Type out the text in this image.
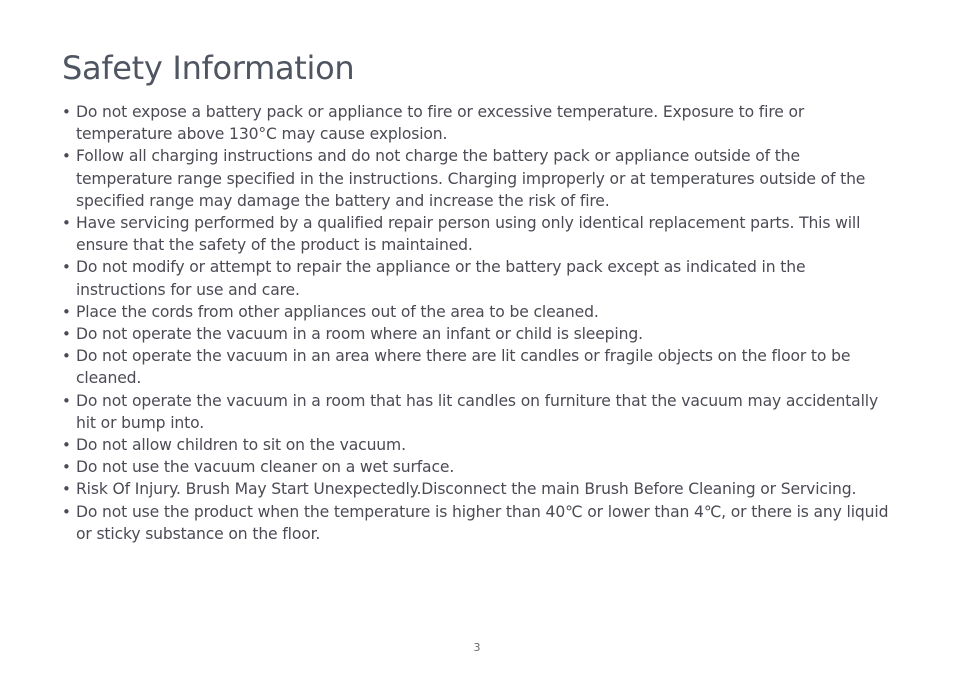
Safety Information
• Do not expose a battery pack or appliance to fire or excessive temperature. Exposure to fire or temperature above 130°C may cause explosion.
• Follow all charging instructions and do not charge the battery pack or appliance outside of the temperature range specified in the instructions. Charging improperly or at temperatures outside of the specified range may damage the battery and increase the risk of fire.
• Have servicing performed by a qualified repair person using only identical replacement parts. This will ensure that the safety of the product is maintained.
• Do not modify or attempt to repair the appliance or the battery pack except as indicated in the instructions for use and care.
• Place the cords from other appliances out of the area to be cleaned.
• Do not operate the vacuum in a room where an infant or child is sleeping.
• Do not operate the vacuum in an area where there are lit candles or fragile objects on the floor to be cleaned.
• Do not operate the vacuum in a room that has lit candles on furniture that the vacuum may accidentally hit or bump into.
• Do not allow children to sit on the vacuum.
• Do not use the vacuum cleaner on a wet surface.
• Risk Of Injury. Brush May Start Unexpectedly.Disconnect the main Brush Before Cleaning or Servicing.
• Do not use the product when the temperature is higher than 40℃ or lower than 4℃, or there is any liquid or sticky substance on the floor.
3
